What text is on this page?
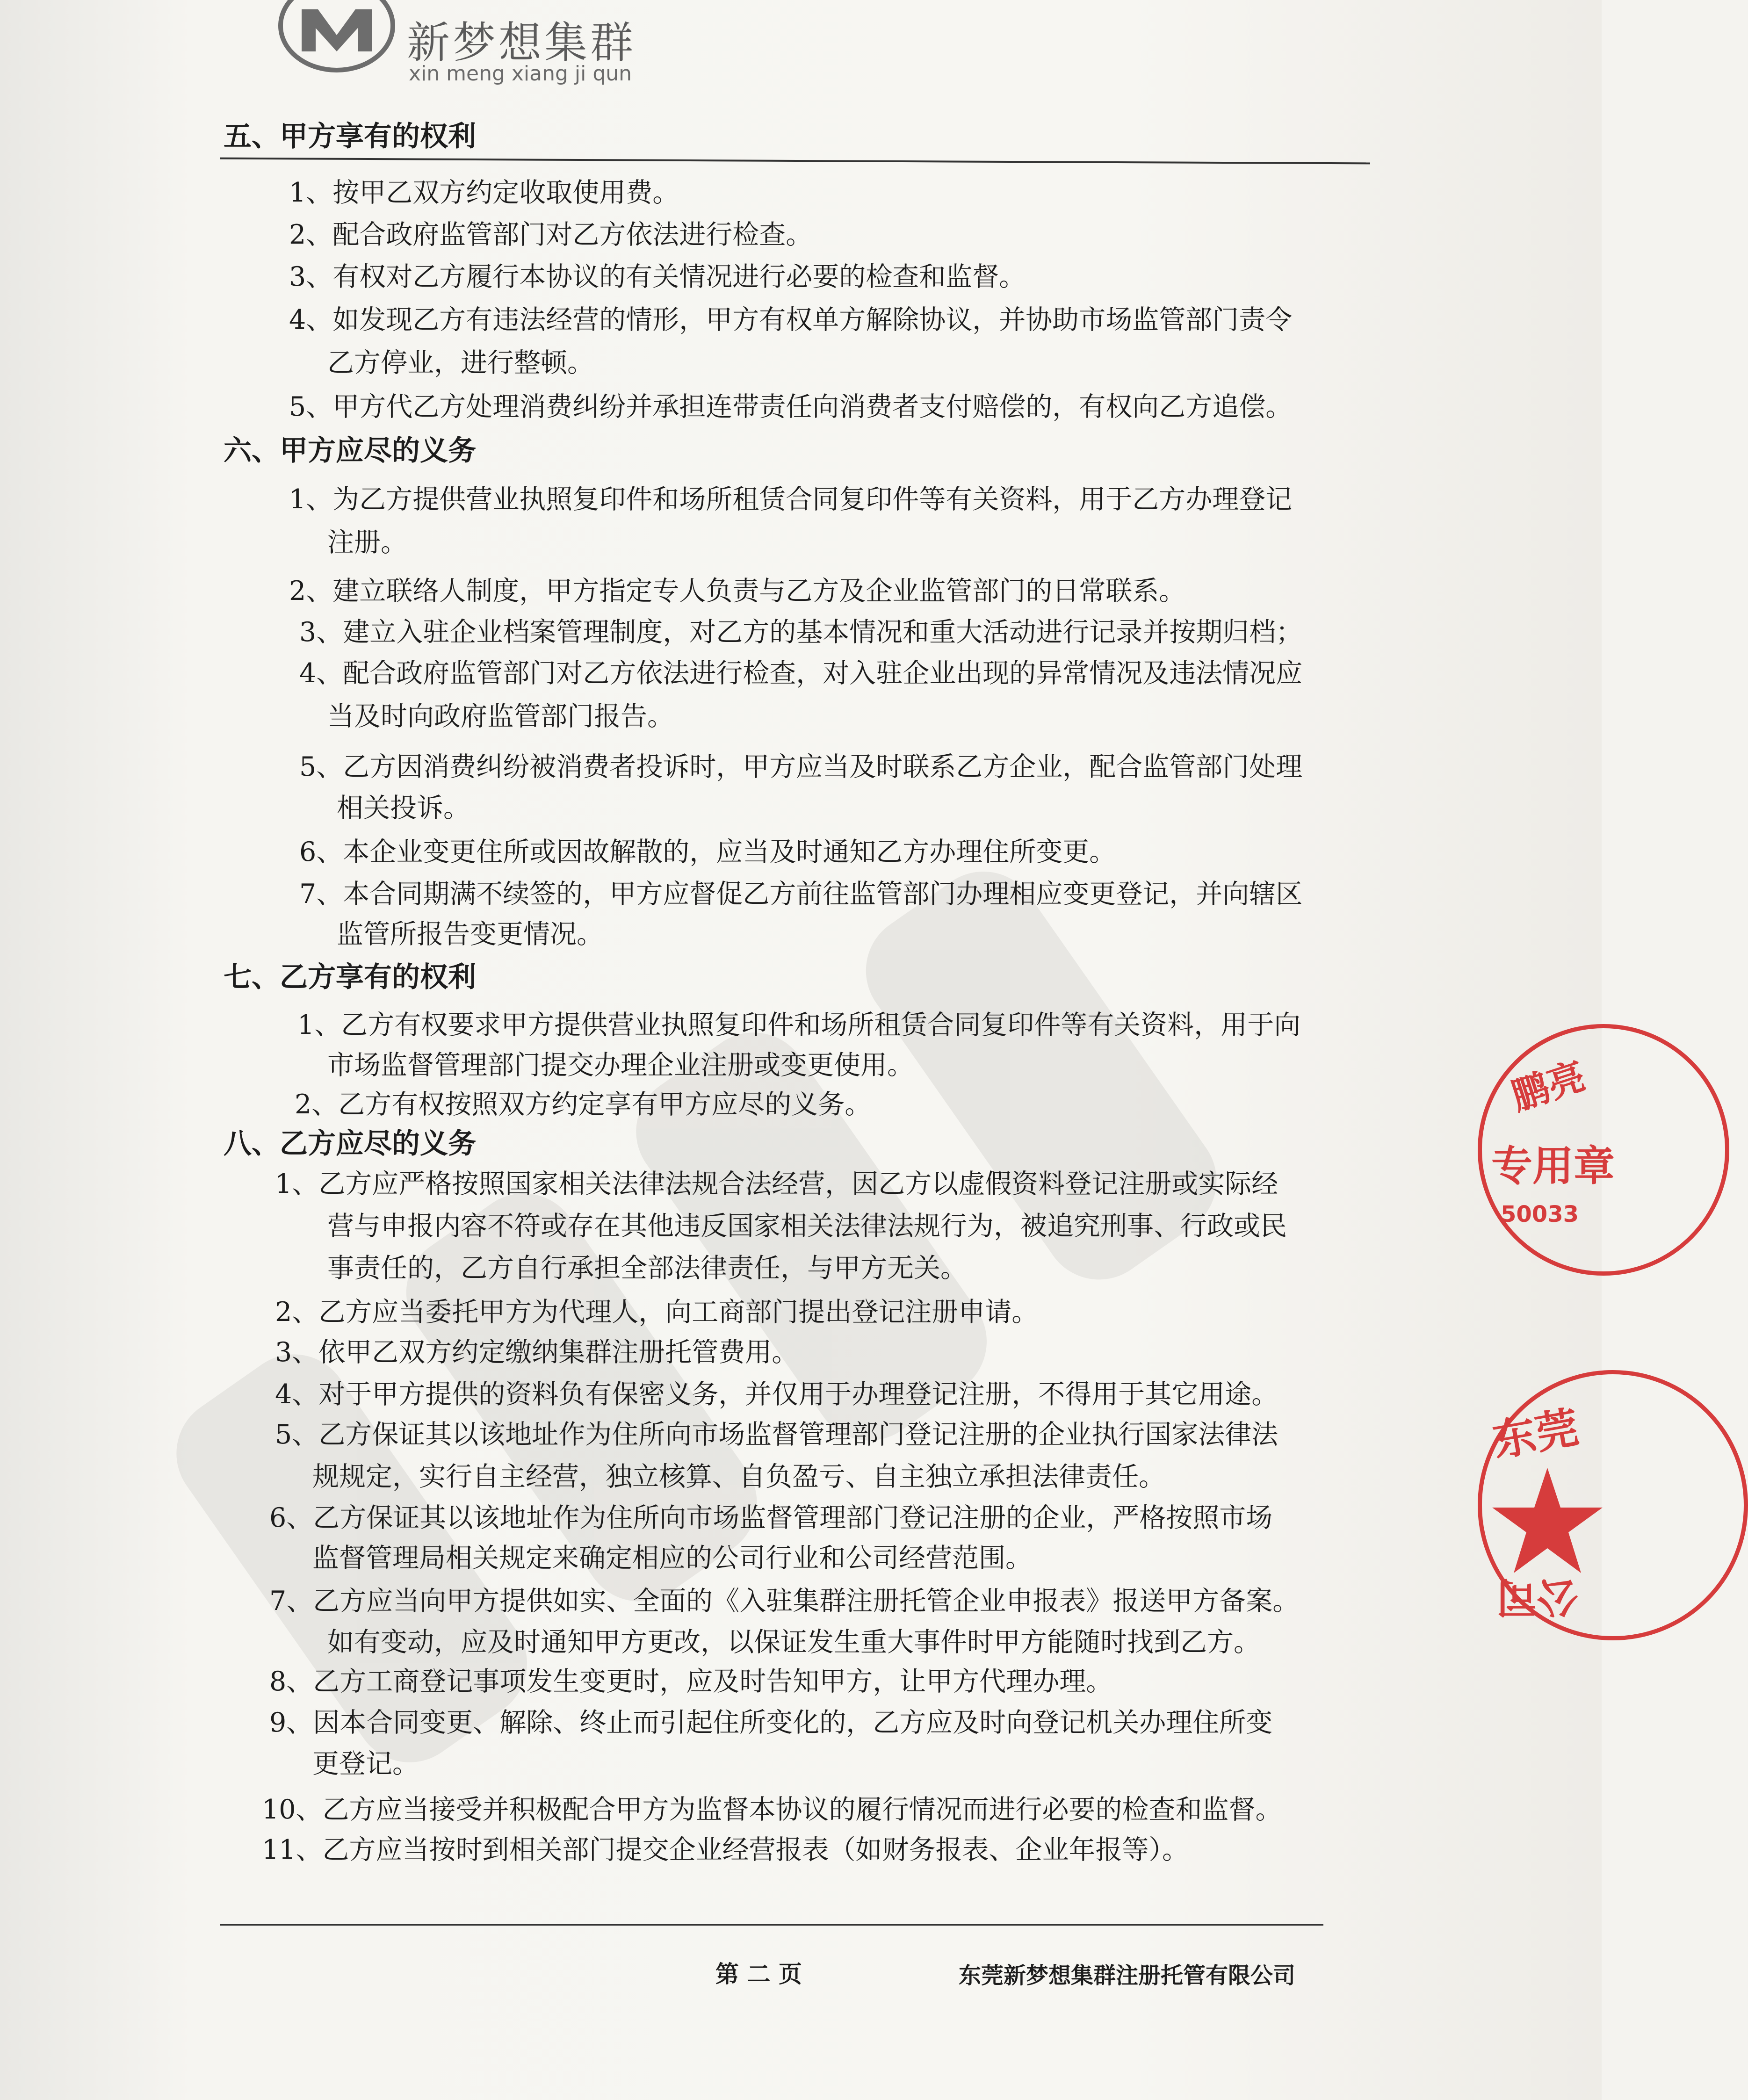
新梦想集群
xin meng xiang ji qun
五、甲方享有的权利
1、按甲乙双方约定收取使用费。
2、配合政府监管部门对乙方依法进行检查。
3、有权对乙方履行本协议的有关情况进行必要的检查和监督。
4、如发现乙方有违法经营的情形，甲方有权单方解除协议，并协助市场监管部门责令
乙方停业，进行整顿。
5、甲方代乙方处理消费纠纷并承担连带责任向消费者支付赔偿的，有权向乙方追偿。
六、甲方应尽的义务
1、为乙方提供营业执照复印件和场所租赁合同复印件等有关资料，用于乙方办理登记
注册。
2、建立联络人制度，甲方指定专人负责与乙方及企业监管部门的日常联系。
3、建立入驻企业档案管理制度，对乙方的基本情况和重大活动进行记录并按期归档；
4、配合政府监管部门对乙方依法进行检查，对入驻企业出现的异常情况及违法情况应
当及时向政府监管部门报告。
5、乙方因消费纠纷被消费者投诉时，甲方应当及时联系乙方企业，配合监管部门处理
相关投诉。
6、本企业变更住所或因故解散的，应当及时通知乙方办理住所变更。
7、本合同期满不续签的，甲方应督促乙方前往监管部门办理相应变更登记，并向辖区
监管所报告变更情况。
七、乙方享有的权利
1、乙方有权要求甲方提供营业执照复印件和场所租赁合同复印件等有关资料，用于向
市场监督管理部门提交办理企业注册或变更使用。
2、乙方有权按照双方约定享有甲方应尽的义务。
八、乙方应尽的义务
1、乙方应严格按照国家相关法律法规合法经营，因乙方以虚假资料登记注册或实际经
营与申报内容不符或存在其他违反国家相关法律法规行为，被追究刑事、行政或民
事责任的，乙方自行承担全部法律责任，与甲方无关。
2、乙方应当委托甲方为代理人，向工商部门提出登记注册申请。
3、依甲乙双方约定缴纳集群注册托管费用。
4、对于甲方提供的资料负有保密义务，并仅用于办理登记注册，不得用于其它用途。
5、乙方保证其以该地址作为住所向市场监督管理部门登记注册的企业执行国家法律法
规规定，实行自主经营，独立核算、自负盈亏、自主独立承担法律责任。
6、乙方保证其以该地址作为住所向市场监督管理部门登记注册的企业，严格按照市场
监督管理局相关规定来确定相应的公司行业和公司经营范围。
7、乙方应当向甲方提供如实、全面的《入驻集群注册托管企业申报表》报送甲方备案。
如有变动，应及时通知甲方更改，以保证发生重大事件时甲方能随时找到乙方。
8、乙方工商登记事项发生变更时，应及时告知甲方，让甲方代理办理。
9、因本合同变更、解除、终止而引起住所变化的，乙方应及时向登记机关办理住所变
更登记。
10、乙方应当接受并积极配合甲方为监督本协议的履行情况而进行必要的检查和监督。
11、乙方应当按时到相关部门提交企业经营报表（如财务报表、企业年报等）。
第 二 页	东莞新梦想集群注册托管有限公司
鹏亮
专用章
50033
东莞
公司
